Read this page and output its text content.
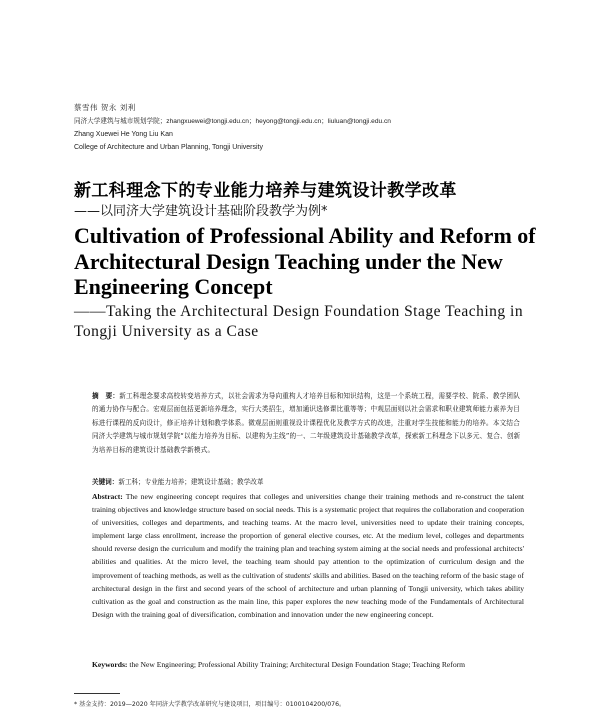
蔡雪伟 贺永 刘利
同济大学建筑与城市规划学院；zhangxuewei@tongji.edu.cn；heyong@tongji.edu.cn；liuluan@tongji.edu.cn
Zhang Xuewei He Yong Liu Kan
College of Architecture and Urban Planning, Tongji University
新工科理念下的专业能力培养与建筑设计教学改革
——以同济大学建筑设计基础阶段教学为例*
Cultivation of Professional Ability and Reform of Architectural Design Teaching under the New Engineering Concept
——Taking the Architectural Design Foundation Stage Teaching in Tongji University as a Case
摘　要：新工科理念要求高校转变培养方式，以社会需求为导向重构人才培养目标和知识结构，这是一个系统工程，需要学校、院系、教学团队的通力协作与配合。宏观层面包括更新培养理念，实行大类招生，增加通识选修课比重等等；中观层面则以社会需求和职业建筑师能力素养为目标进行课程的反向设计，修正培养计划和教学体系。微观层面则重视设计课程优化及教学方式的改进，注重对学生技能和能力的培养。本文结合同济大学建筑与城市规划学院“以能力培养为目标、以建构为主线”的一、二年级建筑设计基础教学改革，探索新工科理念下以多元、复合、创新为培养目标的建筑设计基础教学新模式。
关键词：新工科；专业能力培养；建筑设计基础；教学改革
Abstract: The new engineering concept requires that colleges and universities change their training methods and re-construct the talent training objectives and knowledge structure based on social needs. This is a systematic project that requires the collaboration and cooperation of universities, colleges and departments, and teaching teams. At the macro level, universities need to update their training concepts, implement large class enrollment, increase the proportion of general elective courses, etc. At the medium level, colleges and departments should reverse design the curriculum and modify the training plan and teaching system aiming at the social needs and professional architects' abilities and qualities. At the micro level, the teaching team should pay attention to the optimization of curriculum design and the improvement of teaching methods, as well as the cultivation of students' skills and abilities. Based on the teaching reform of the basic stage of architectural design in the first and second years of the school of architecture and urban planning of Tongji university, which takes ability cultivation as the goal and construction as the main line, this paper explores the new teaching mode of the Fundamentals of Architectural Design with the training goal of diversification, combination and innovation under the new engineering concept.
Keywords: the New Engineering; Professional Ability Training; Architectural Design Foundation Stage; Teaching Reform
* 基金支持：2019—2020 年同济大学教学改革研究与建设项目，项目编号：0100104200/076。
